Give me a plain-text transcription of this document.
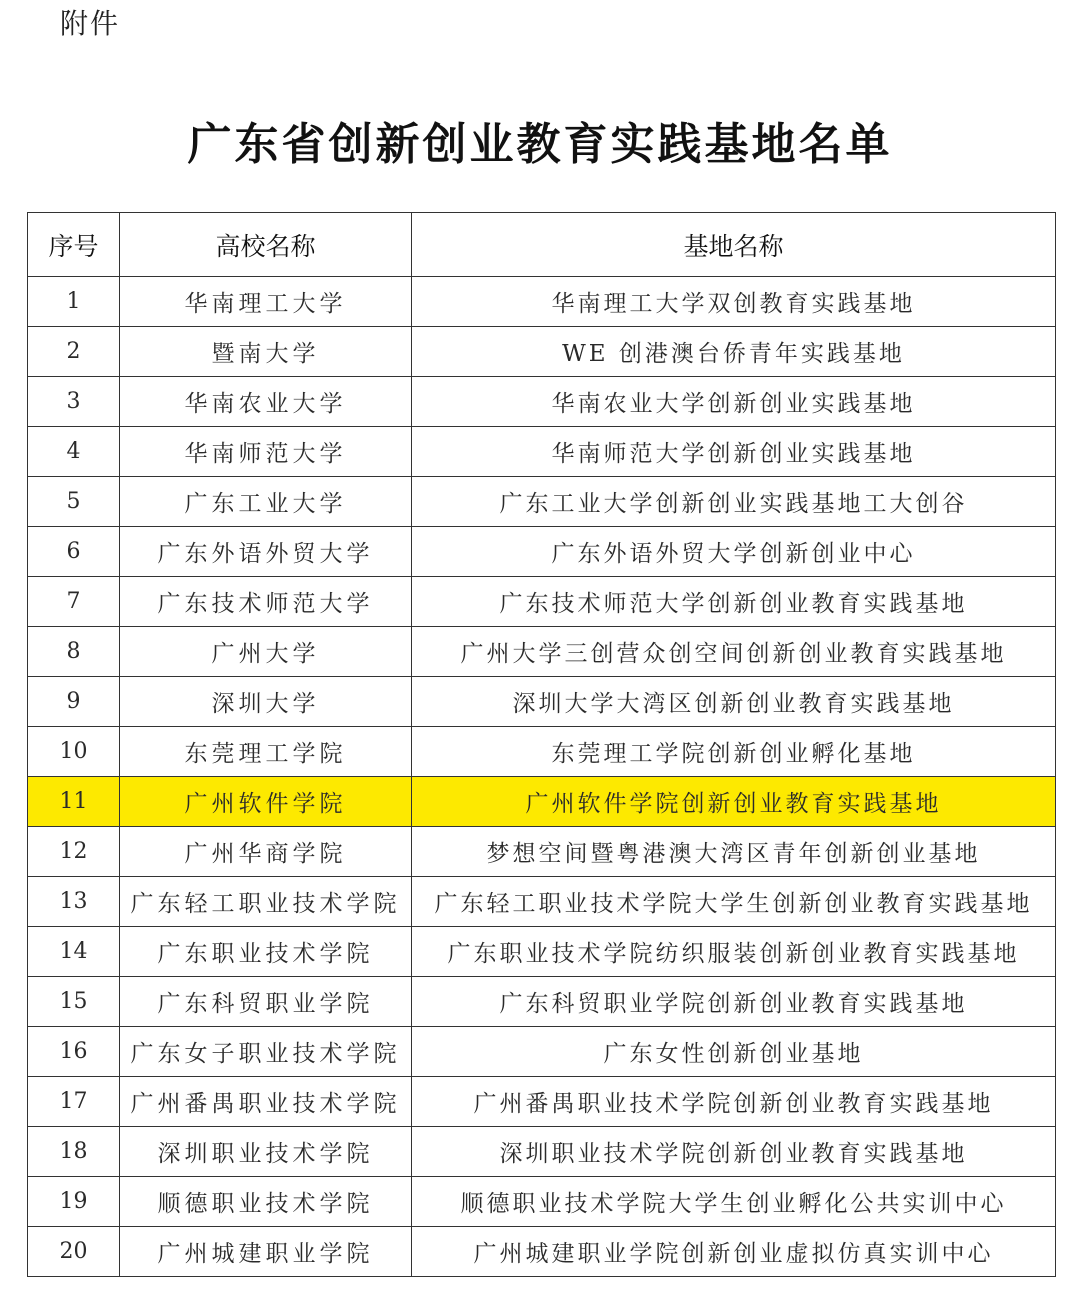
附件
广东省创新创业教育实践基地名单
序号	高校名称	基地名称
1	华南理工大学	华南理工大学双创教育实践基地
2	暨南大学	WE 创港澳台侨青年实践基地
3	华南农业大学	华南农业大学创新创业实践基地
4	华南师范大学	华南师范大学创新创业实践基地
5	广东工业大学	广东工业大学创新创业实践基地工大创谷
6	广东外语外贸大学	广东外语外贸大学创新创业中心
7	广东技术师范大学	广东技术师范大学创新创业教育实践基地
8	广州大学	广州大学三创营众创空间创新创业教育实践基地
9	深圳大学	深圳大学大湾区创新创业教育实践基地
10	东莞理工学院	东莞理工学院创新创业孵化基地
11	广州软件学院	广州软件学院创新创业教育实践基地
12	广州华商学院	梦想空间暨粤港澳大湾区青年创新创业基地
13	广东轻工职业技术学院	广东轻工职业技术学院大学生创新创业教育实践基地
14	广东职业技术学院	广东职业技术学院纺织服装创新创业教育实践基地
15	广东科贸职业学院	广东科贸职业学院创新创业教育实践基地
16	广东女子职业技术学院	广东女性创新创业基地
17	广州番禺职业技术学院	广州番禺职业技术学院创新创业教育实践基地
18	深圳职业技术学院	深圳职业技术学院创新创业教育实践基地
19	顺德职业技术学院	顺德职业技术学院大学生创业孵化公共实训中心
20	广州城建职业学院	广州城建职业学院创新创业虚拟仿真实训中心
